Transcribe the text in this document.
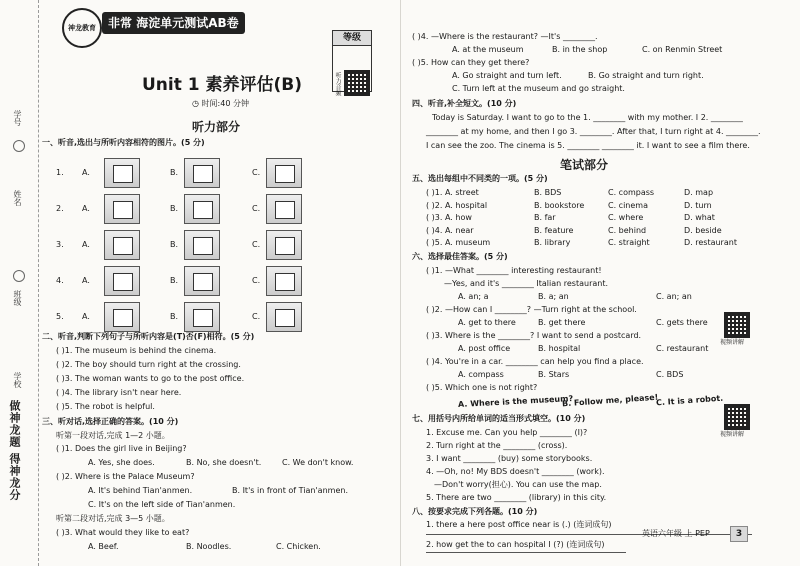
学号
姓名
班级
学校
做神龙题 得神龙分
神龙教育	非常 海淀单元测试AB卷
等级
听力音频
Unit 1 素养评估(B)
◷ 时间:40 分钟
听力部分
一、听音,选出与所听内容相符的图片。(5 分)
1. A.	B.	C.
2. A.	B.	C.
3. A.	B.	C.
4. A.	B.	C.
5. A.	B.	C.
二、听音,判断下列句子与所听内容是(T)否(F)相符。(5 分)
( )1. The museum is behind the cinema.
( )2. The boy should turn right at the crossing.
( )3. The woman wants to go to the post office.
( )4. The library isn't near here.
( )5. The robot is helpful.
三、听对话,选择正确的答案。(10 分)
听第一段对话,完成 1—2 小题。
( )1. Does the girl live in Beijing?
A. Yes, she does.	B. No, she doesn't.	C. We don't know.
( )2. Where is the Palace Museum?
A. It's behind Tian'anmen.	B. It's in front of Tian'anmen.
C. It's on the left side of Tian'anmen.
听第二段对话,完成 3—5 小题。
( )3. What would they like to eat?
A. Beef.	B. Noodles.	C. Chicken.
( )4. —Where is the restaurant? —It's ________.
A. at the museum	B. in the shop	C. on Renmin Street
( )5. How can they get there?
A. Go straight and turn left.	B. Go straight and turn right.
C. Turn left at the museum and go straight.
四、听音,补全短文。(10 分)
Today is Saturday. I want to go to the 1. ________ with my mother. I 2. ________
________ at my home, and then I go 3. ________. After that, I turn right at 4. ________.
I can see the zoo. The cinema is 5. ________ ________ it. I want to see a film there.
笔试部分
五、选出每组中不同类的一项。(5 分)
( )1. A. street	B. BDS	C. compass	D. map
( )2. A. hospital	B. bookstore	C. cinema	D. turn
( )3. A. how	B. far	C. where	D. what
( )4. A. near	B. feature	C. behind	D. beside
( )5. A. museum	B. library	C. straight	D. restaurant
六、选择最佳答案。(5 分)
( )1. —What ________ interesting restaurant!
—Yes, and it's ________ Italian restaurant.
A. an; a	B. a; an	C. an; an
( )2. —How can I ________? —Turn right at the school.
A. get to there	B. get there	C. gets there
( )3. Where is the ________? I want to send a postcard.
A. post office	B. hospital	C. restaurant
视频讲解
( )4. You're in a car. ________ can help you find a place.
A. compass	B. Stars	C. BDS
( )5. Which one is not right?
A. Where is the museum?
B. Follow me, please!
C. It is a robot.
七、用括号内所给单词的适当形式填空。(10 分)
1. Excuse me. Can you help ________ (I)?
2. Turn right at the ________ (cross).
3. I want ________ (buy) some storybooks.
4. —Oh, no! My BDS doesn't ________ (work).
—Don't worry(担心). You can use the map.
5. There are two ________ (library) in this city.
视频讲解
八、按要求完成下列各题。(10 分)
1. there a here post office near is (.) (连词成句)
2. how get the to can hospital I (?) (连词成句)
英语六年级 上 PEP	3
